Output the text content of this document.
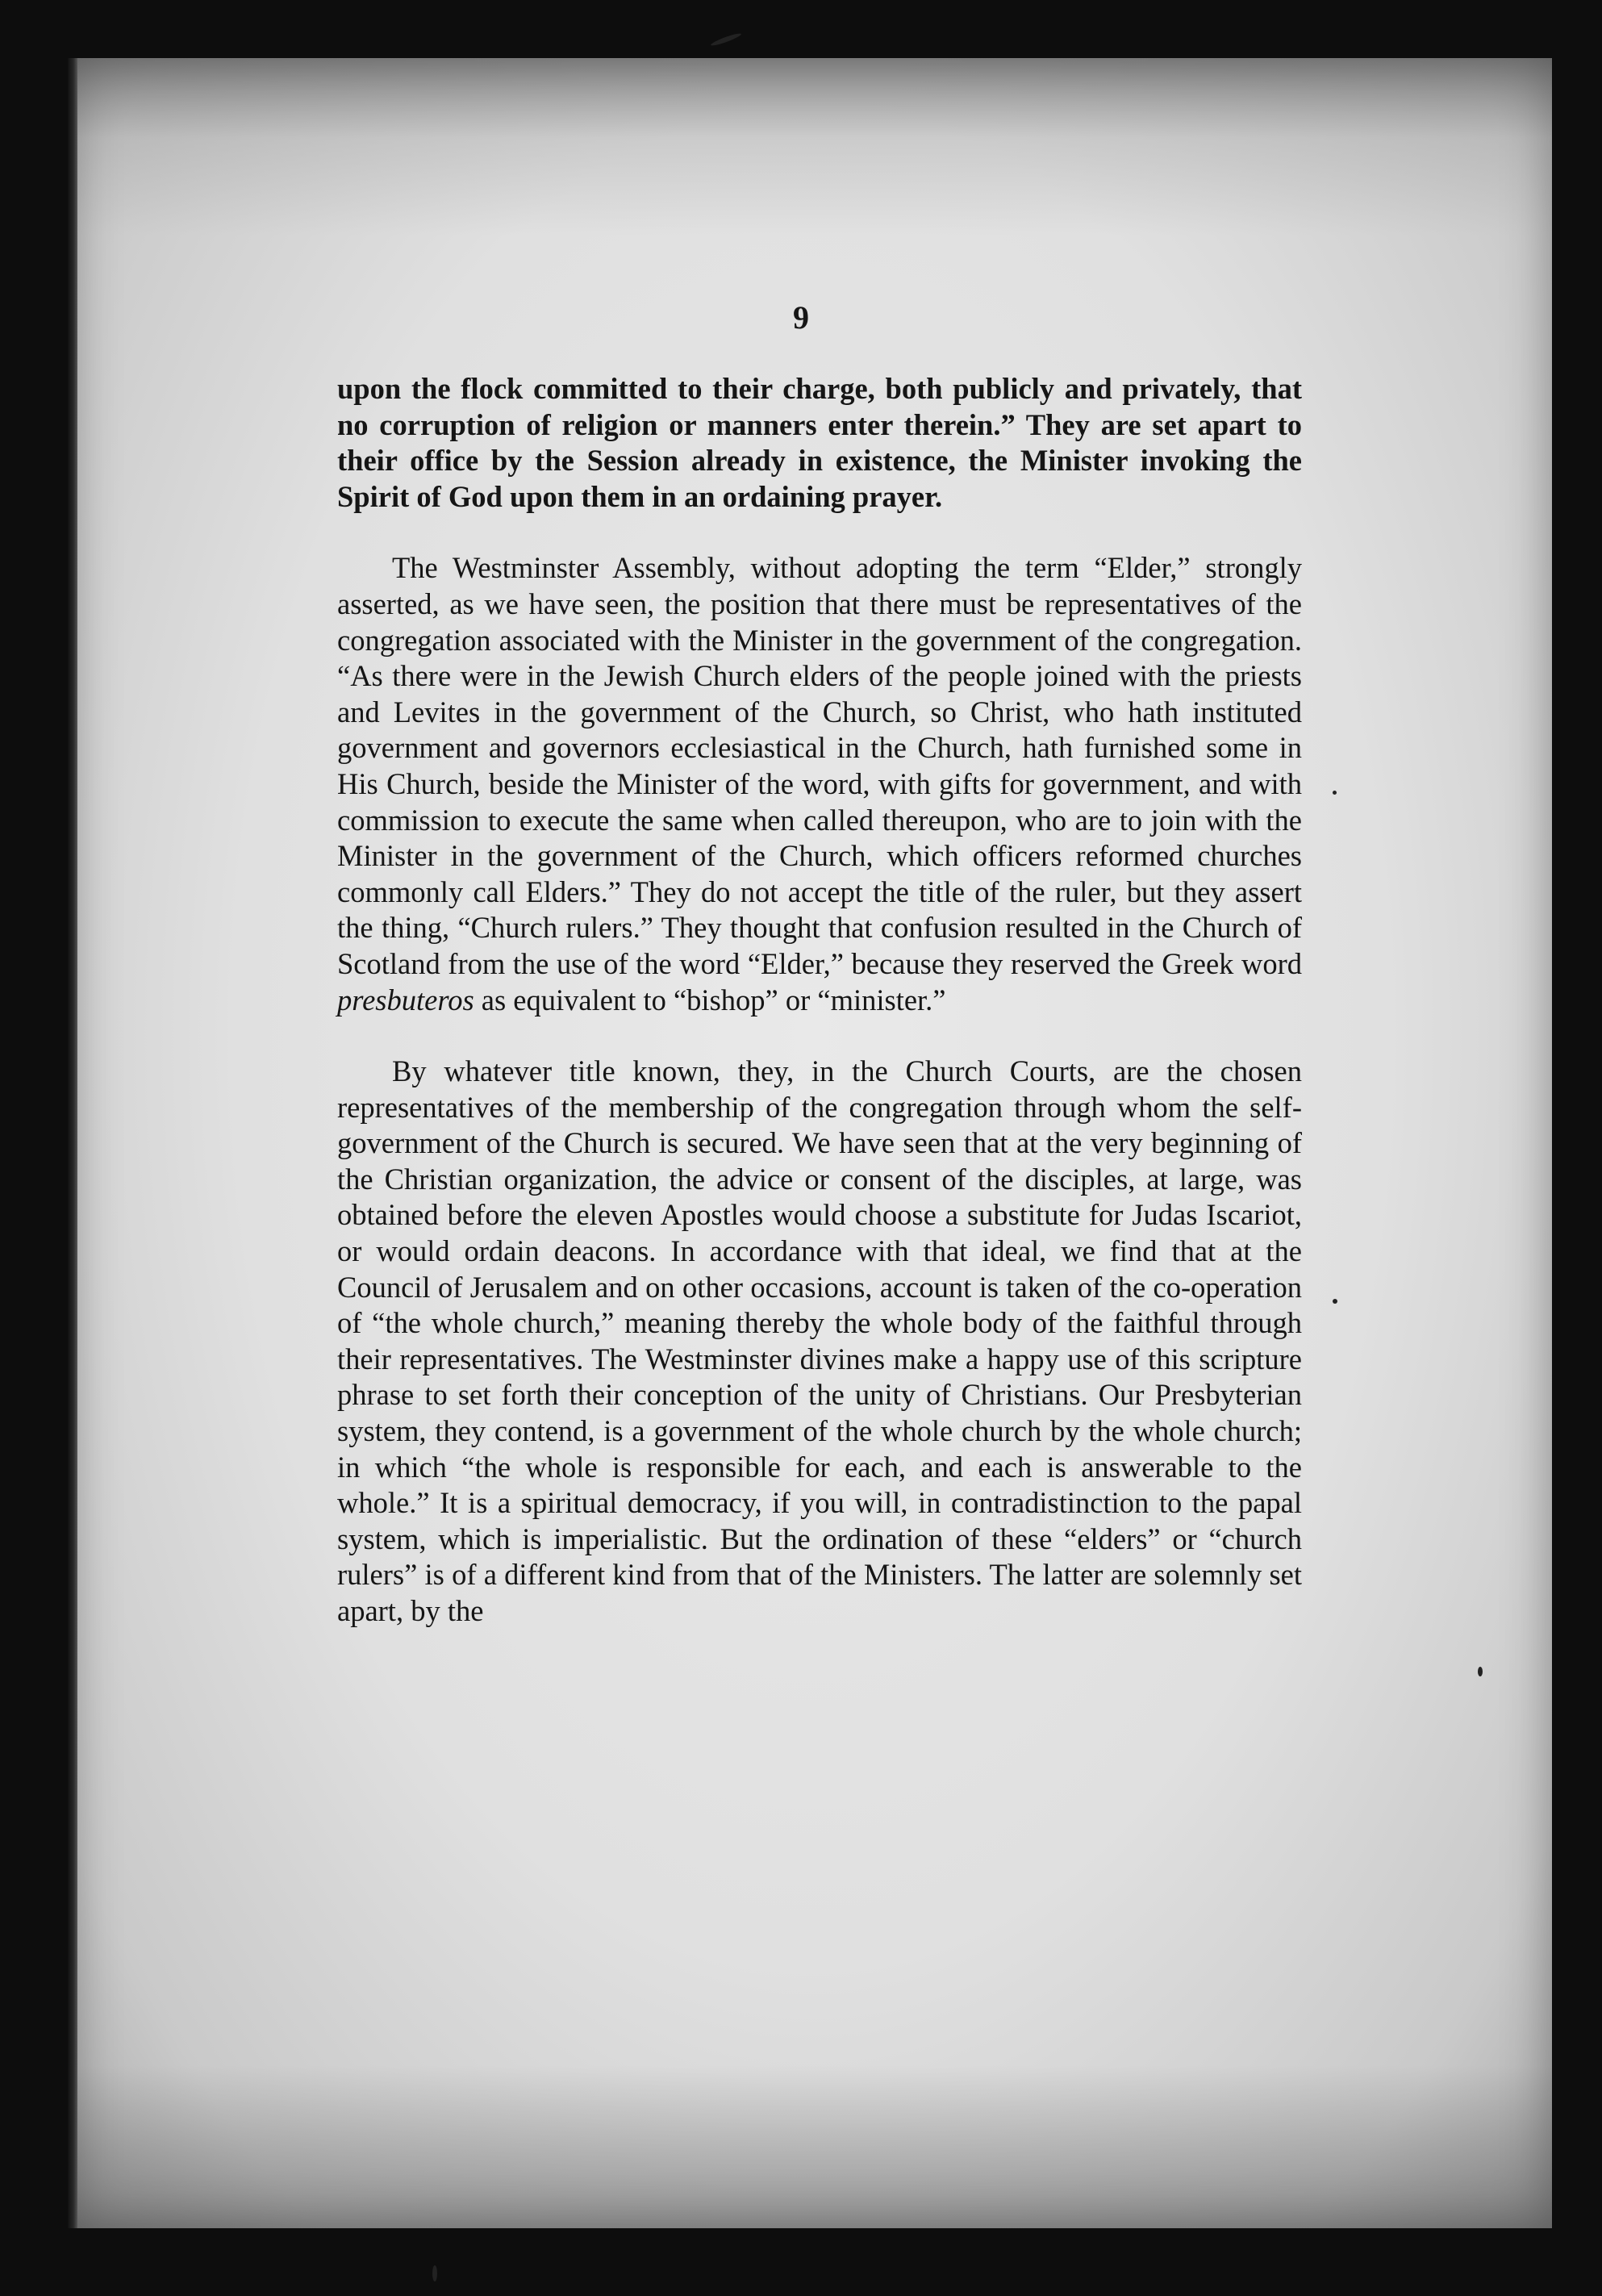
9

upon the flock committed to their charge, both publicly and privately, that no corruption of religion or manners enter therein.” They are set apart to their office by the Session already in existence, the Minister invoking the Spirit of God upon them in an ordaining prayer.

The Westminster Assembly, without adopting the term “Elder,” strongly asserted, as we have seen, the position that there must be representatives of the congregation associated with the Minister in the government of the congregation. “As there were in the Jewish Church elders of the people joined with the priests and Levites in the government of the Church, so Christ, who hath instituted government and governors ecclesiastical in the Church, hath furnished some in His Church, beside the Minister of the word, with gifts for government, and with commission to execute the same when called thereupon, who are to join with the Minister in the government of the Church, which officers reformed churches commonly call Elders.” They do not accept the title of the ruler, but they assert the thing, “Church rulers.” They thought that confusion resulted in the Church of Scotland from the use of the word “Elder,” because they reserved the Greek word presbuteros as equivalent to “bishop” or “minister.”

By whatever title known, they, in the Church Courts, are the chosen representatives of the membership of the congregation through whom the self-government of the Church is secured. We have seen that at the very beginning of the Christian organization, the advice or consent of the disciples, at large, was obtained before the eleven Apostles would choose a substitute for Judas Iscariot, or would ordain deacons. In accordance with that ideal, we find that at the Council of Jerusalem and on other occasions, account is taken of the co-operation of “the whole church,” meaning thereby the whole body of the faithful through their representatives. The Westminster divines make a happy use of this scripture phrase to set forth their conception of the unity of Christians. Our Presbyterian system, they contend, is a government of the whole church by the whole church; in which “the whole is responsible for each, and each is answerable to the whole.” It is a spiritual democracy, if you will, in contradistinction to the papal system, which is imperialistic. But the ordination of these “elders” or “church rulers” is of a different kind from that of the Ministers. The latter are solemnly set apart, by the
